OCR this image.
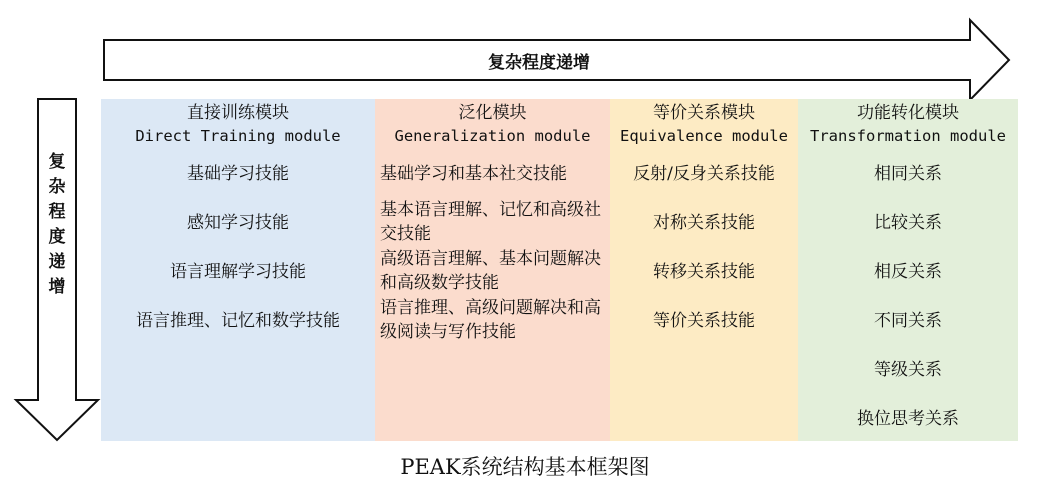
复杂程度递增
复
杂
程
度
递
增
直接训练模块
Direct Training module
基础学习技能
感知学习技能
语言理解学习技能
语言推理、记忆和数学技能
泛化模块
Generalization module
基础学习和基本社交技能
基本语言理解、记忆和高级社交技能
高级语言理解、基本问题解决和高级数学技能
语言推理、高级问题解决和高级阅读与写作技能
等价关系模块
Equivalence module
反射/反身关系技能
对称关系技能
转移关系技能
等价关系技能
功能转化模块
Transformation module
相同关系
比较关系
相反关系
不同关系
等级关系
换位思考关系
PEAK系统结构基本框架图
